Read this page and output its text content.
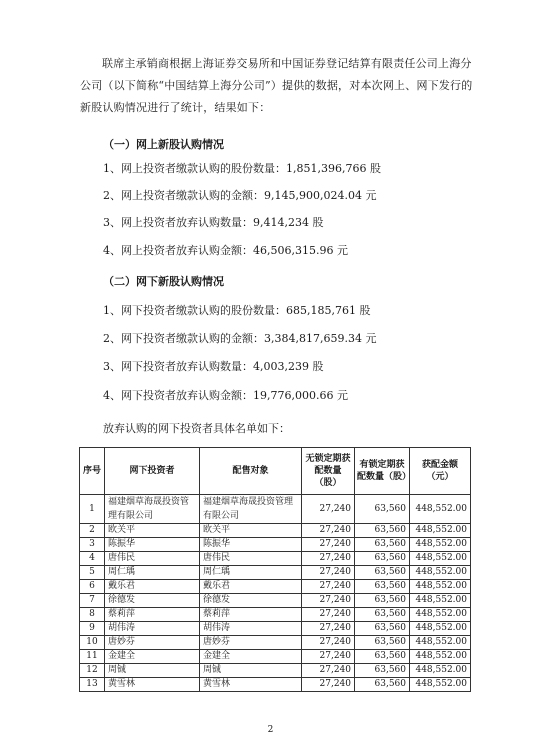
联席主承销商根据上海证券交易所和中国证券登记结算有限责任公司上海分公司（以下简称“中国结算上海分公司”）提供的数据，对本次网上、网下发行的新股认购情况进行了统计，结果如下：

（一）网上新股认购情况

1、网上投资者缴款认购的股份数量：1,851,396,766 股

2、网上投资者缴款认购的金额：9,145,900,024.04 元

3、网上投资者放弃认购数量：9,414,234 股

4、网上投资者放弃认购金额：46,506,315.96 元

（二）网下新股认购情况

1、网下投资者缴款认购的股份数量：685,185,761 股

2、网下投资者缴款认购的金额：3,384,817,659.34 元

3、网下投资者放弃认购数量：4,003,239 股

4、网下投资者放弃认购金额：19,776,000.66 元

放弃认购的网下投资者具体名单如下：

序号	网下投资者	配售对象	无锁定期获配数量（股）	有锁定期获配数量（股）	获配金额（元）
1	福建烟草海晟投资管理有限公司	福建烟草海晟投资管理有限公司	27,240	63,560	448,552.00
2	欧关平	欧关平	27,240	63,560	448,552.00
3	陈振华	陈振华	27,240	63,560	448,552.00
4	唐伟民	唐伟民	27,240	63,560	448,552.00
5	周仁瑀	周仁瑀	27,240	63,560	448,552.00
6	戴乐君	戴乐君	27,240	63,560	448,552.00
7	徐德发	徐德发	27,240	63,560	448,552.00
8	蔡莉萍	蔡莉萍	27,240	63,560	448,552.00
9	胡伟涛	胡伟涛	27,240	63,560	448,552.00
10	唐妙芬	唐妙芬	27,240	63,560	448,552.00
11	金建全	金建全	27,240	63,560	448,552.00
12	周铖	周铖	27,240	63,560	448,552.00
13	黄雪林	黄雪林	27,240	63,560	448,552.00
2
